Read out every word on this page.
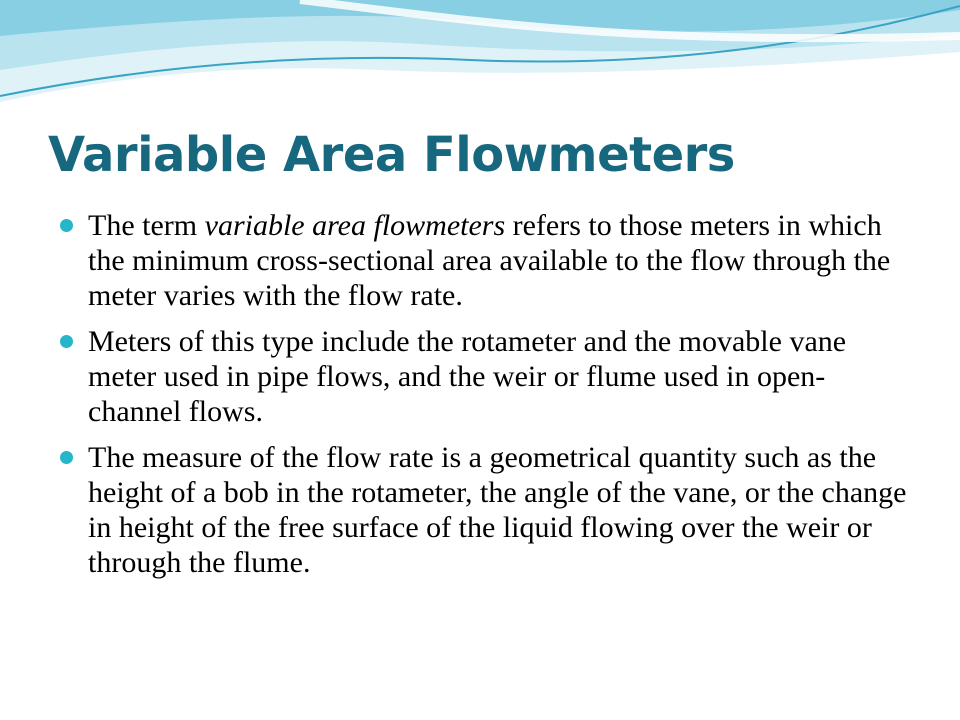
Variable Area Flowmeters
The term variable area flowmeters refers to those meters in which the minimum cross-sectional area available to the flow through the meter varies with the flow rate.
Meters of this type include the rotameter and the movable vane meter used in pipe flows, and the weir or flume used in open-channel flows.
The measure of the flow rate is a geometrical quantity such as the height of a bob in the rotameter, the angle of the vane, or the change in height of the free surface of the liquid flowing over the weir or through the flume.
